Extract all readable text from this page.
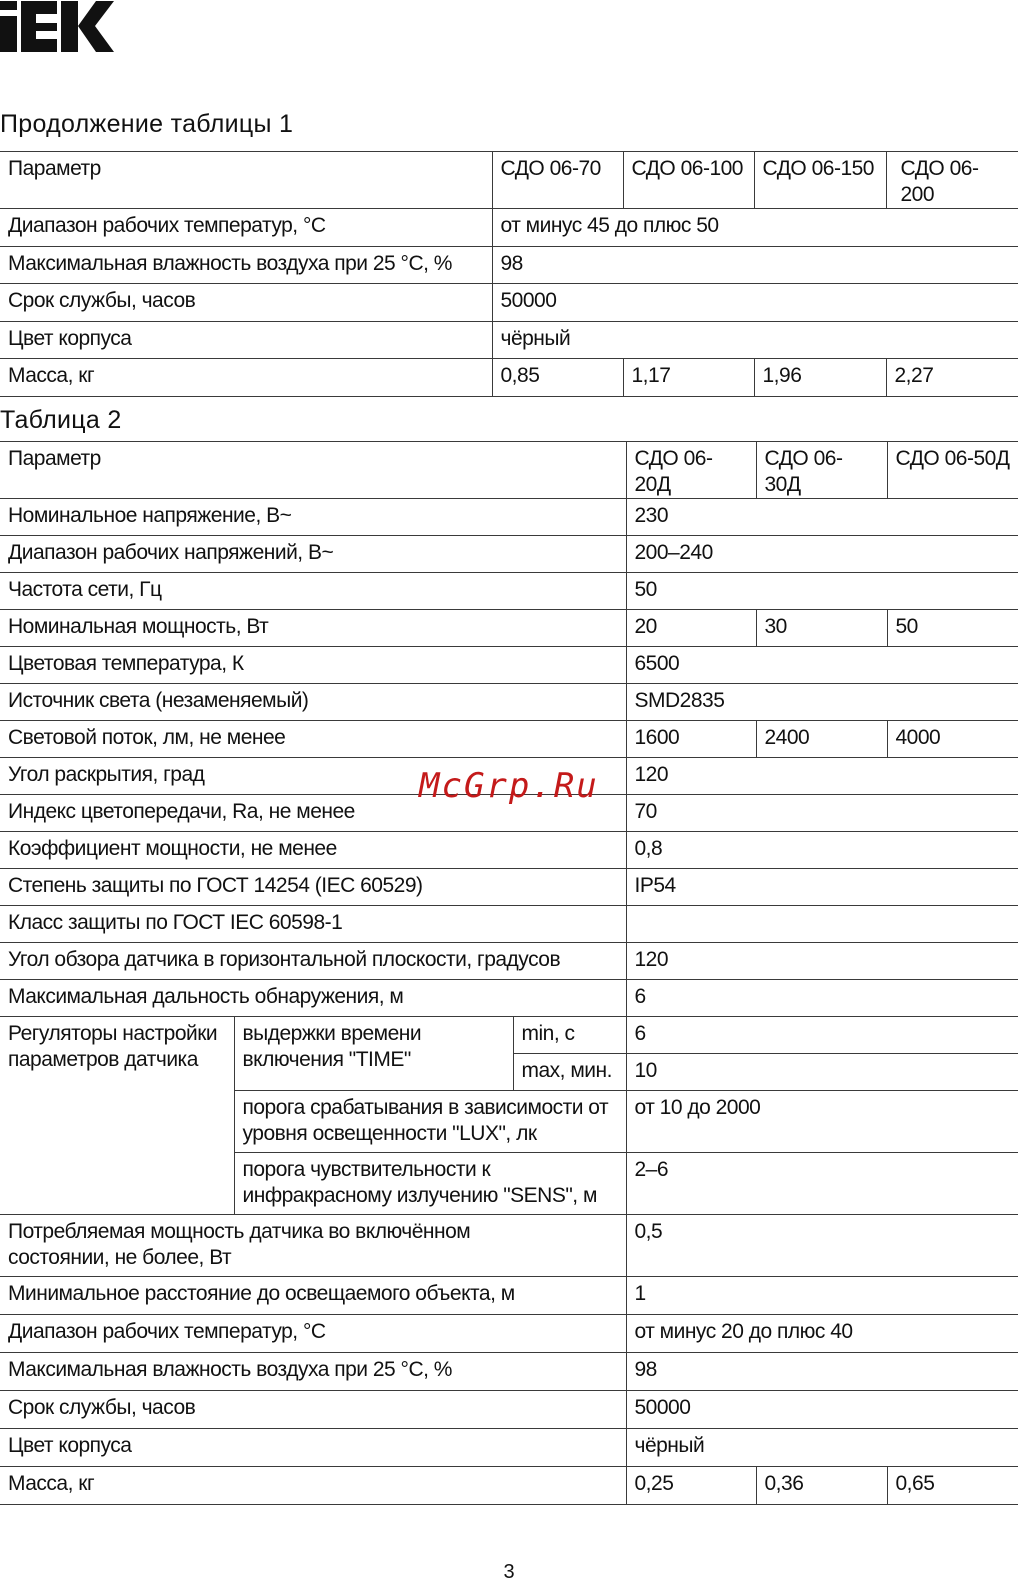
Продолжение таблицы 1
Параметр	СДО 06-70	СДО 06-100	СДО 06-150	СДО 06-200
Диапазон рабочих температур, °С	от минус 45 до плюс 50			
Максимальная влажность воздуха при 25 °С, %	98			
Срок службы, часов	50000			
Цвет корпуса	чёрный			
Масса, кг	0,85	1,17	1,96	2,27
Таблица 2
Параметр			СДО 06-20Д	СДО 06-30Д	СДО 06-50Д
Номинальное напряжение, В~			230		
Диапазон рабочих напряжений, В~			200–240		
Частота сети, Гц			50		
Номинальная мощность, Вт			20	30	50
Цветовая температура, К			6500		
Источник света (незаменяемый)			SMD2835		
Световой поток, лм, не менее			1600	2400	4000
Угол раскрытия, град			120		
Индекс цветопередачи, Ra, не менее			70		
Коэффициент мощности, не менее			0,8		
Степень защиты по ГОСТ 14254 (IEC 60529)			IP54		
Класс защиты по ГОСТ IEC 60598-1					
Угол обзора датчика в горизонтальной плоскости, градусов			120		
Максимальная дальность обнаружения, м			6		
Регуляторы настройки параметров датчика	выдержки времени включения "TIME"	min, c	6		
		max, мин.	10		
	порога срабатывания в зависимости от уровня освещенности "LUX", лк		от 10 до 2000		
	порога чувствительности к инфракрасному излучению "SENS", м		2–6		
Потребляемая мощность датчика во включённом состоянии, не более, Вт			0,5		
Минимальное расстояние до освещаемого объекта, м			1		
Диапазон рабочих температур, °С			от минус 20 до плюс 40		
Максимальная влажность воздуха при 25 °С, %			98		
Срок службы, часов			50000		
Цвет корпуса			чёрный		
Масса, кг			0,25	0,36	0,65
McGrp.Ru
3
